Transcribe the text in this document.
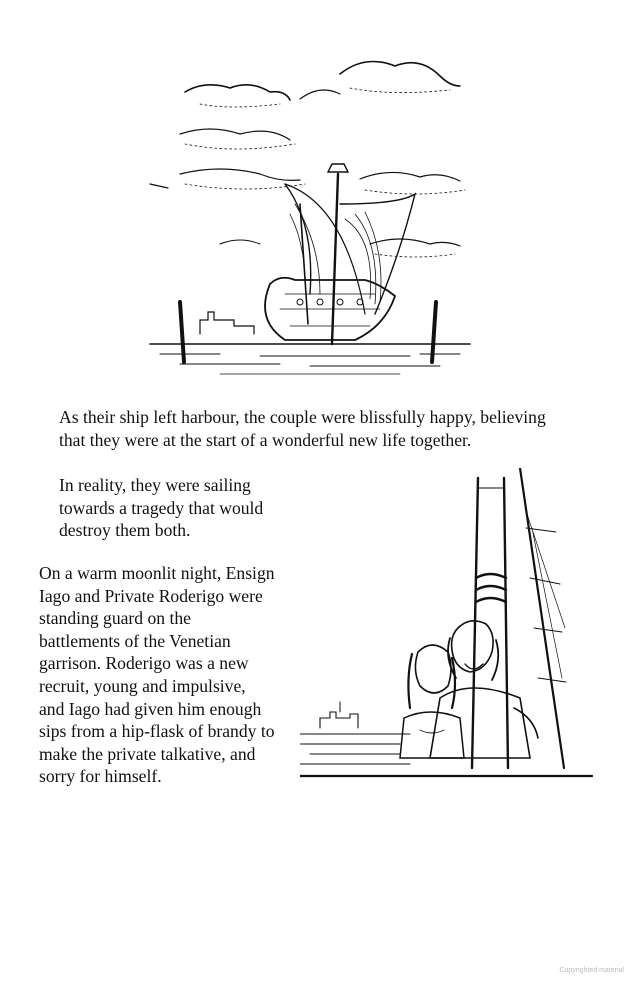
As their ship left harbour, the couple were blissfully happy, believing
that they were at the start of a wonderful new life together.

In reality, they were sailing
towards a tragedy that would
destroy them both.

On a warm moonlit night, Ensign
Iago and Private Roderigo were
standing guard on the
battlements of the Venetian
garrison. Roderigo was a new
recruit, young and impulsive,
and Iago had given him enough
sips from a hip-flask of brandy to
make the private talkative, and
sorry for himself.

Copyrighted material
